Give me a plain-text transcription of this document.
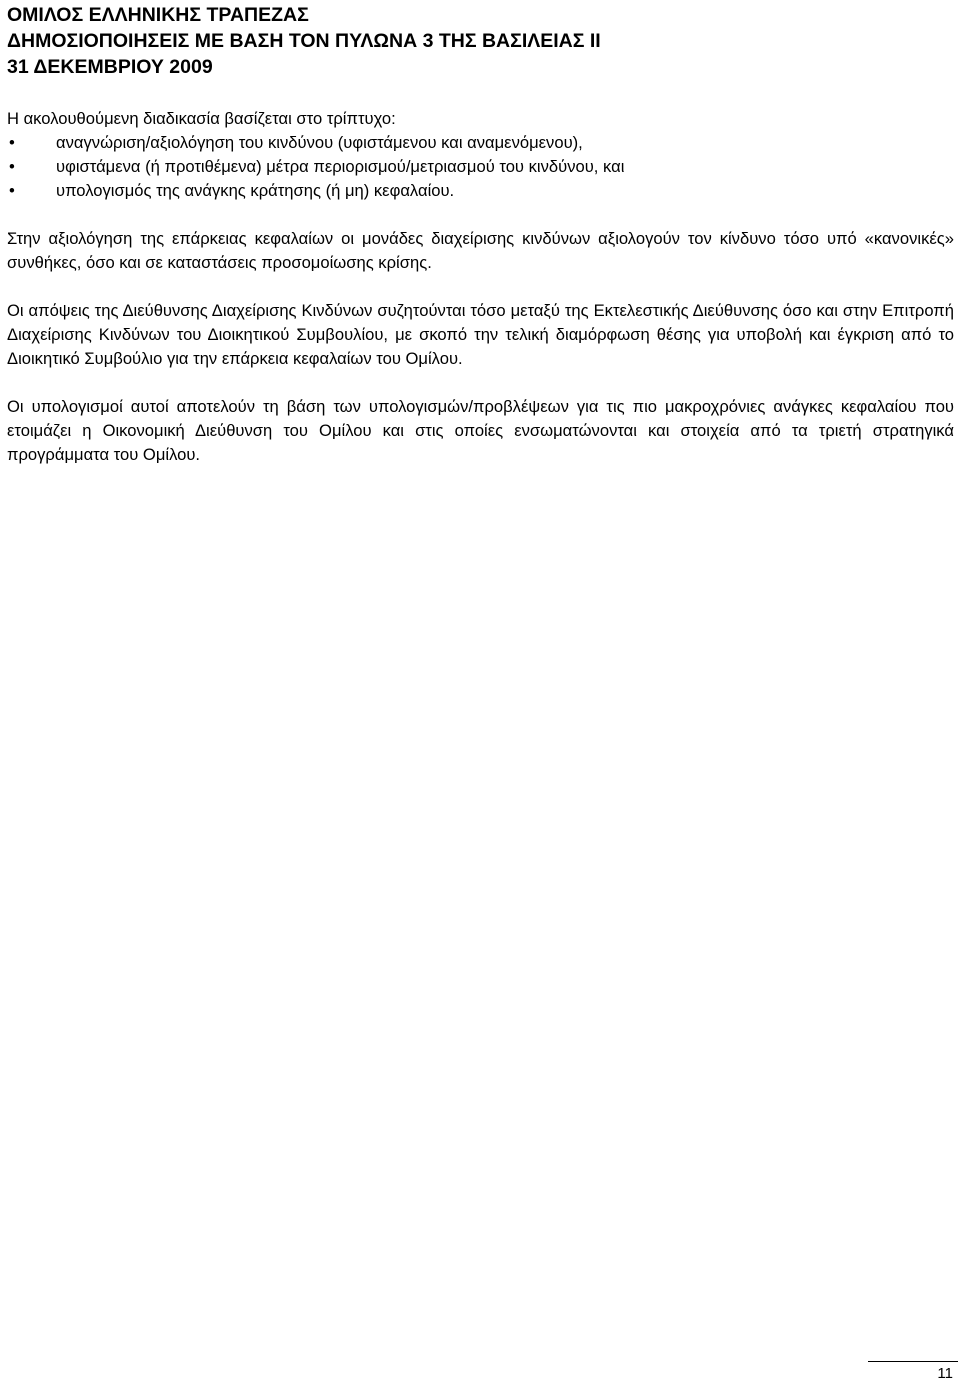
ΟΜΙΛΟΣ ΕΛΛΗΝΙΚΗΣ ΤΡΑΠΕΖΑΣ
ΔΗΜΟΣΙΟΠΟΙΗΣΕΙΣ ΜΕ ΒΑΣΗ ΤΟΝ ΠΥΛΩΝΑ 3 ΤΗΣ ΒΑΣΙΛΕΙΑΣ ΙΙ
31 ΔΕΚΕΜΒΡΙΟΥ 2009

Η ακολουθούμενη διαδικασία βασίζεται στο τρίπτυχο:

• αναγνώριση/αξιολόγηση του κινδύνου (υφιστάμενου και αναμενόμενου),
• υφιστάμενα (ή προτιθέμενα) μέτρα περιορισμού/μετριασμού του κινδύνου, και
• υπολογισμός της ανάγκης κράτησης (ή μη) κεφαλαίου.

Στην αξιολόγηση της επάρκειας κεφαλαίων οι μονάδες διαχείρισης κινδύνων αξιολογούν τον κίνδυνο τόσο υπό «κανονικές» συνθήκες, όσο και σε καταστάσεις προσομοίωσης κρίσης.

Οι απόψεις της Διεύθυνσης Διαχείρισης Κινδύνων συζητούνται τόσο μεταξύ της Εκτελεστικής Διεύθυνσης όσο και στην Επιτροπή Διαχείρισης Κινδύνων του Διοικητικού Συμβουλίου, με σκοπό την τελική διαμόρφωση θέσης για υποβολή και έγκριση από το Διοικητικό Συμβούλιο για την επάρκεια κεφαλαίων του Ομίλου.

Οι υπολογισμοί αυτοί αποτελούν τη βάση των υπολογισμών/προβλέψεων για τις πιο μακροχρόνιες ανάγκες κεφαλαίου που ετοιμάζει η Οικονομική Διεύθυνση του Ομίλου και στις οποίες ενσωματώνονται και στοιχεία από τα τριετή στρατηγικά προγράμματα του Ομίλου.

11
